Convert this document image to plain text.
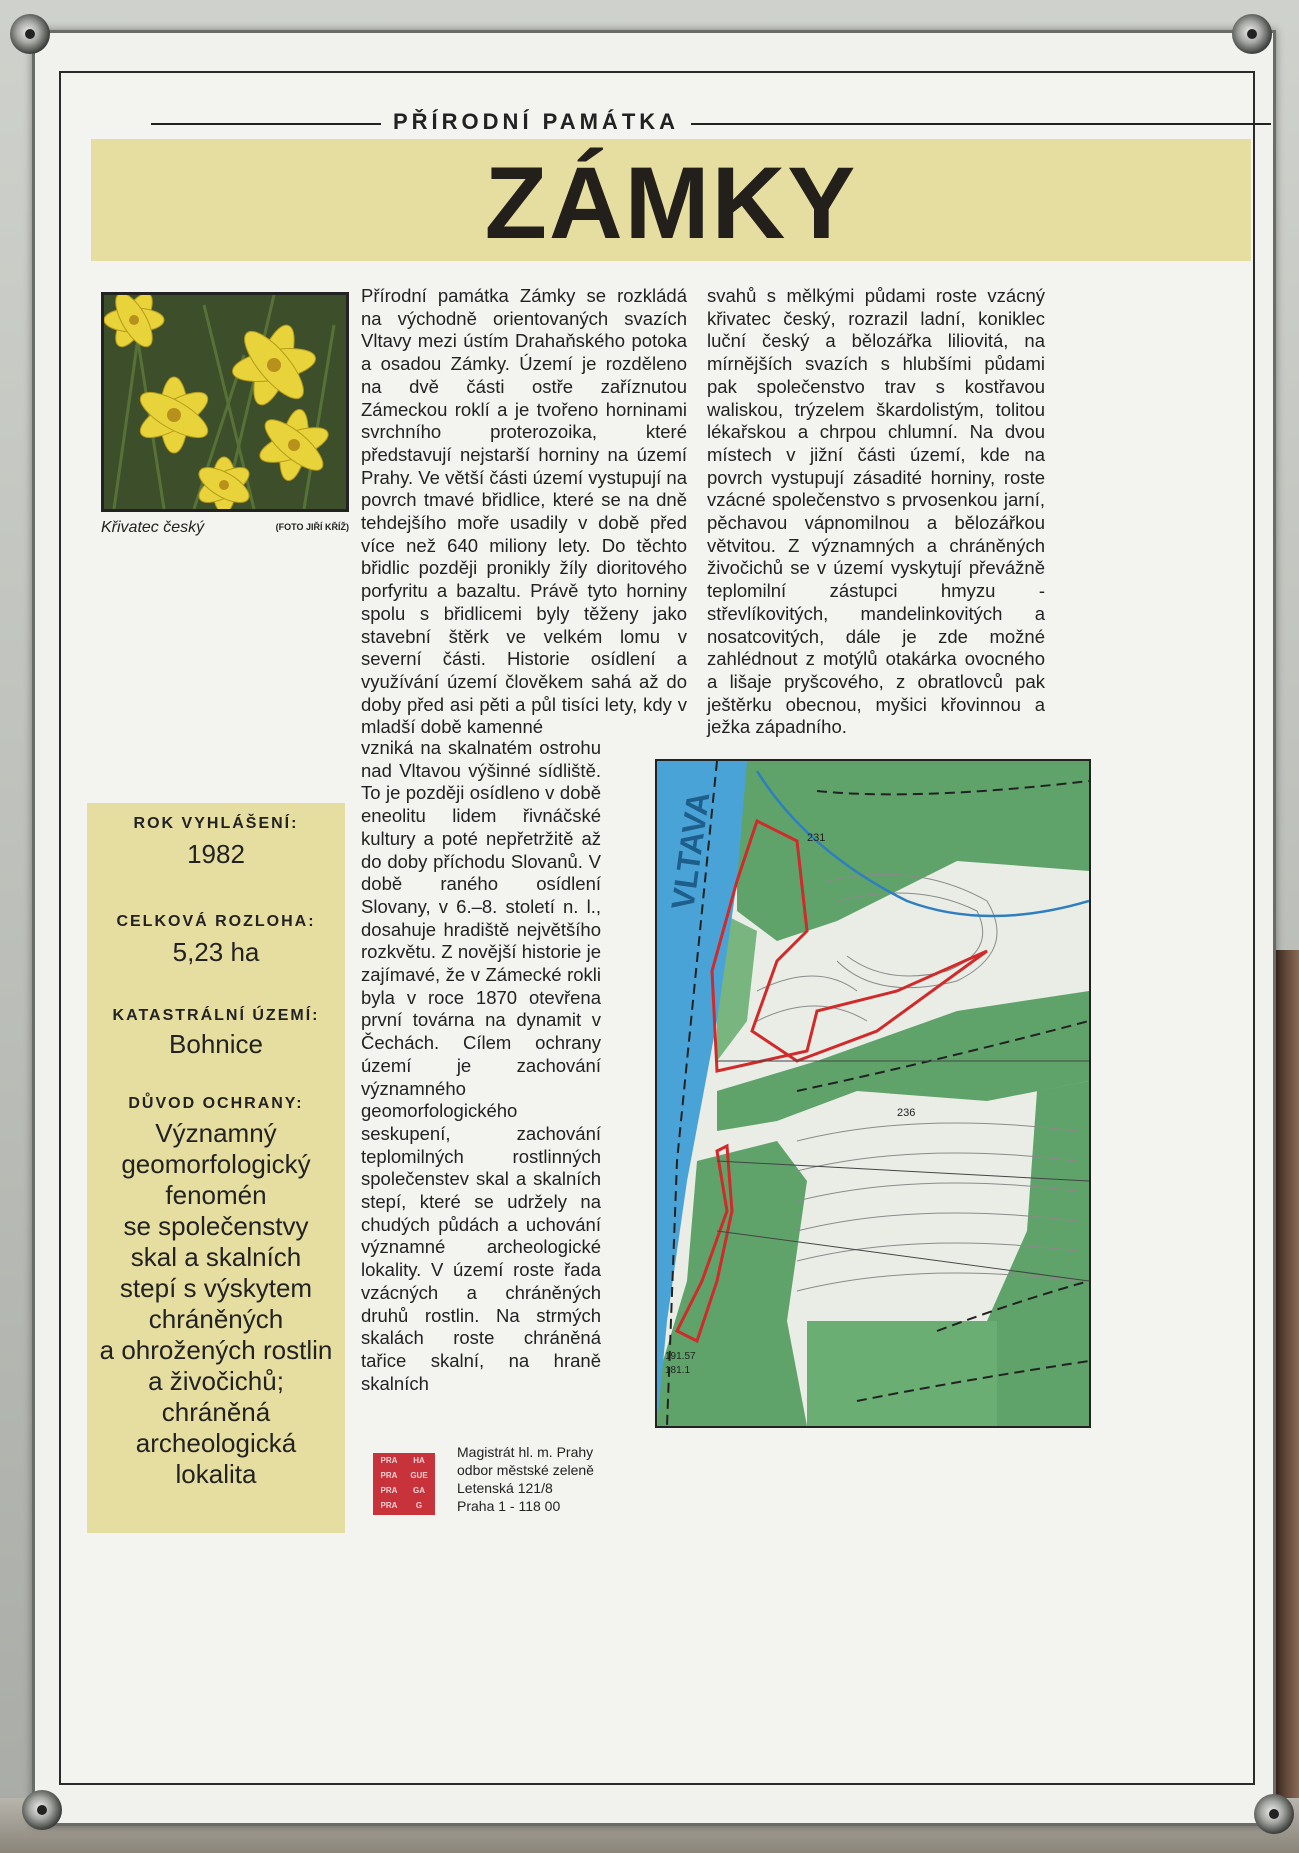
PŘÍRODNÍ PAMÁTKA
ZÁMKY
Křivatec český	(FOTO JIŘÍ KŘÍŽ)
ROK VYHLÁŠENÍ:
1982
CELKOVÁ ROZLOHA:
5,23 ha
KATASTRÁLNÍ ÚZEMÍ:
Bohnice
DŮVOD OCHRANY:
Významný
geomorfologický
fenomén
se společenstvy
skal a skalních
stepí s výskytem
chráněných
a ohrožených rostlin
a živočichů;
chráněná
archeologická
lokalita

Přírodní památka Zámky se rozkládá na východně orientovaných svazích Vltavy mezi ústím Drahaňského potoka a osadou Zámky. Území je rozděleno na dvě části ostře zaříznutou Zámeckou roklí a je tvořeno horninami svrchního proterozoika, které představují nejstarší horniny na území Prahy. Ve větší části území vystupují na povrch tmavé břidlice, které se na dně tehdejšího moře usadily v době před více než 640 miliony lety. Do těchto břidlic později pronikly žíly dioritového porfyritu a bazaltu. Právě tyto horniny spolu s břidlicemi byly těženy jako stavební štěrk ve velkém lomu v severní části. Historie osídlení a využívání území člověkem sahá až do doby před asi pěti a půl tisíci lety, kdy v mladší době kamenné

vzniká na skalnatém ostrohu nad Vltavou výšinné sídliště. To je později osídleno v době eneolitu lidem řivnáčské kultury a poté nepřetržitě až do doby příchodu Slovanů. V době raného osídlení Slovany, v 6.–8. století n. l., dosahuje hradiště největšího rozkvětu. Z novější historie je zajímavé, že v Zámecké rokli byla v roce 1870 otevřena první továrna na dynamit v Čechách. Cílem ochrany území je zachování významného geomorfologického seskupení, zachování teplomilných rostlinných společenstev skal a skalních stepí, které se udržely na chudých půdách a uchování významné archeologické lokality. V území roste řada vzácných a chráněných druhů rostlin. Na strmých skalách roste chráněná tařice skalní, na hraně skalních

svahů s mělkými půdami roste vzácný křivatec český, rozrazil ladní, koniklec luční český a bělozářka liliovitá, na mírnějších svazích s hlubšími půdami pak společenstvo trav s kostřavou waliskou, trýzelem škardolistým, tolitou lékařskou a chrpou chlumní. Na dvou místech v jižní části území, kde na povrch vystupují zásadité horniny, roste vzácné společenstvo s prvosenkou jarní, pěchavou vápnomilnou a bělozářkou větvitou. Z významných a chráněných živočichů se v území vyskytují převážně teplomilní zástupci hmyzu - střevlíkovitých, mandelinkovitých a nosatcovitých, dále je zde možné zahlédnout z motýlů otakárka ovocného a lišaje pryšcového, z obratlovců pak ještěrku obecnou, myšici křovinnou a ježka západního.

VLTAVA	231
236
191.57
181.1
PRA	HA
PRA	GUE
PRA	GA
PRA	G
Magistrát hl. m. Prahy
odbor městské zeleně
Letenská 121/8
Praha 1 - 118 00
